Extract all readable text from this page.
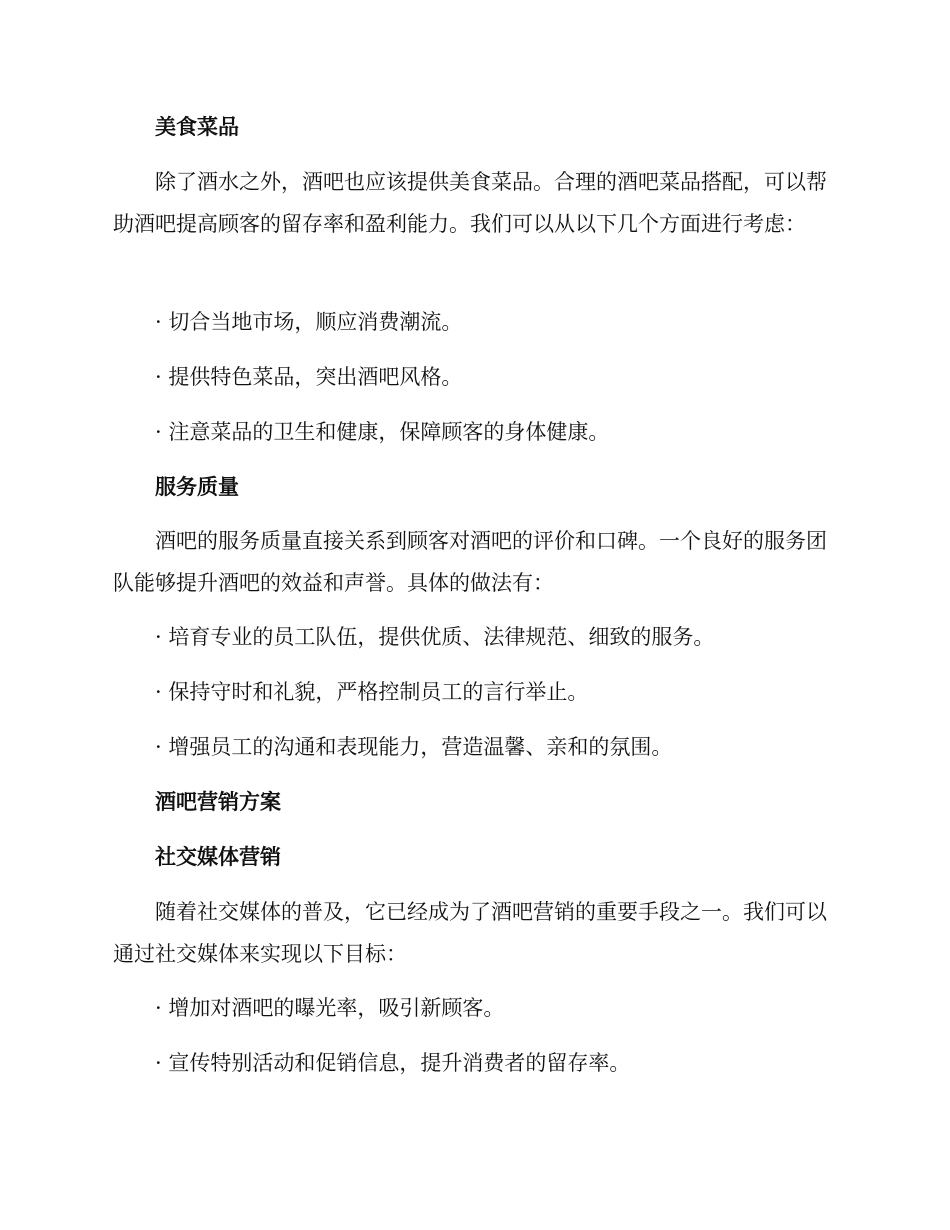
美食菜品

除了酒水之外，酒吧也应该提供美食菜品。合理的酒吧菜品搭配，可以帮助酒吧提高顾客的留存率和盈利能力。我们可以从以下几个方面进行考虑：

· 切合当地市场，顺应消费潮流。

· 提供特色菜品，突出酒吧风格。

· 注意菜品的卫生和健康，保障顾客的身体健康。

服务质量

酒吧的服务质量直接关系到顾客对酒吧的评价和口碑。一个良好的服务团队能够提升酒吧的效益和声誉。具体的做法有：

· 培育专业的员工队伍，提供优质、法律规范、细致的服务。

· 保持守时和礼貌，严格控制员工的言行举止。

· 增强员工的沟通和表现能力，营造温馨、亲和的氛围。

酒吧营销方案
社交媒体营销

随着社交媒体的普及，它已经成为了酒吧营销的重要手段之一。我们可以通过社交媒体来实现以下目标：

· 增加对酒吧的曝光率，吸引新顾客。

· 宣传特别活动和促销信息，提升消费者的留存率。
